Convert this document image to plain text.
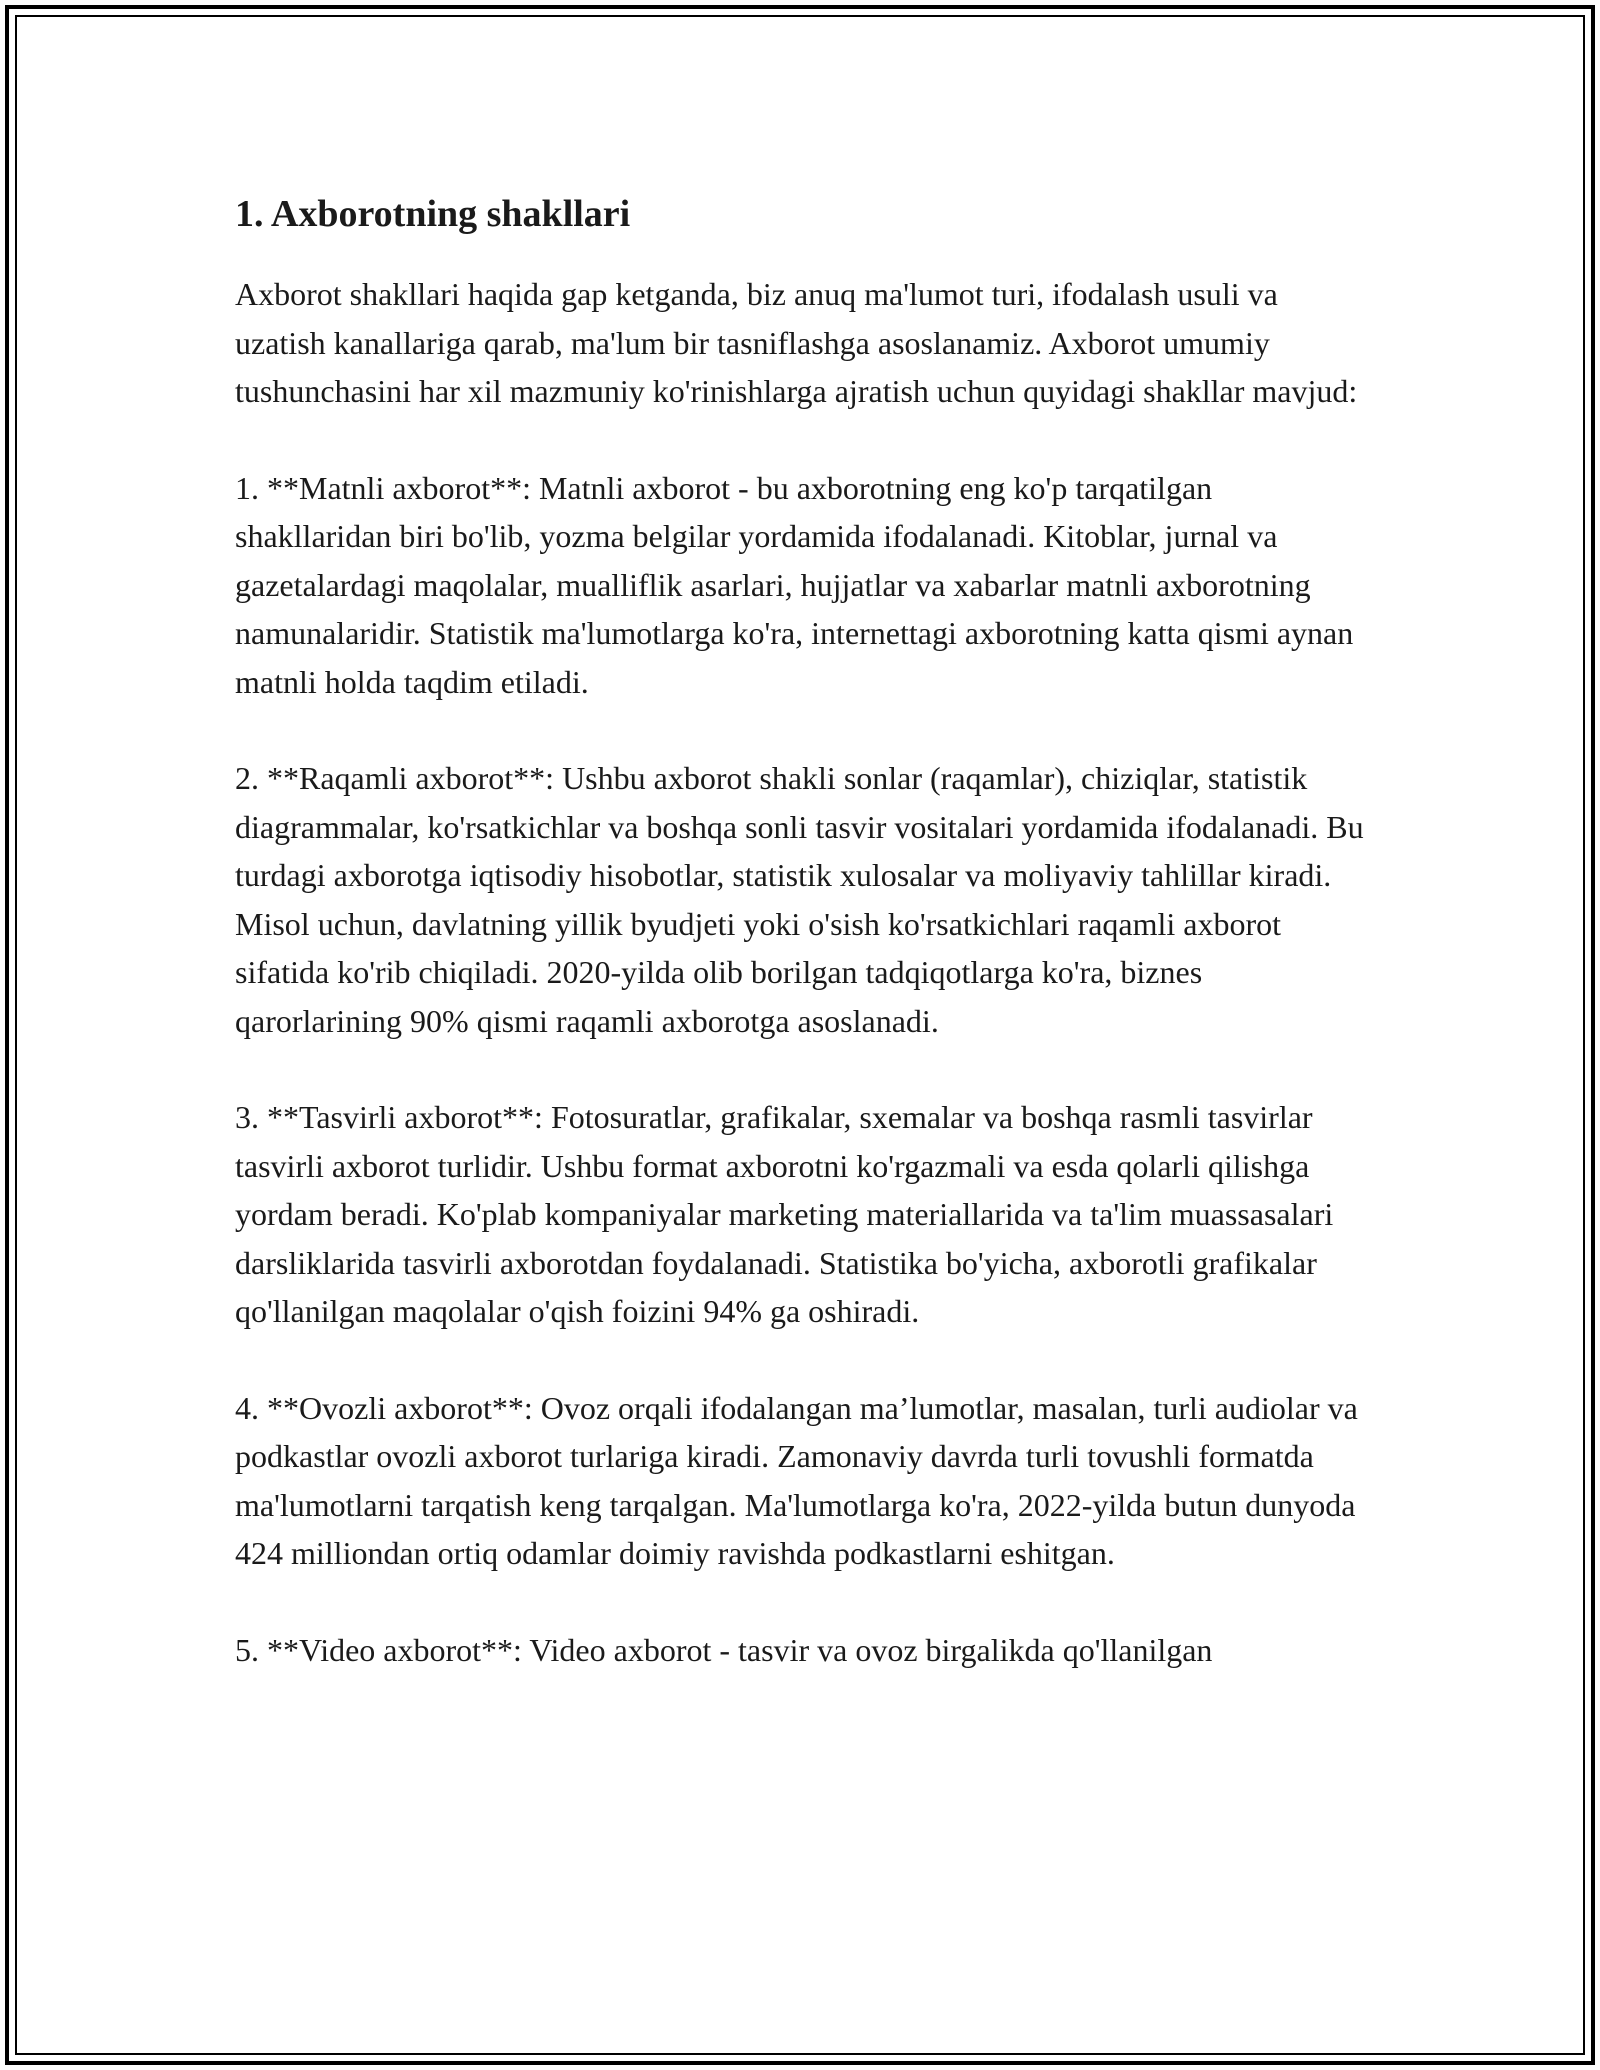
1. Axborotning shakllari

Axborot shakllari haqida gap ketganda, biz anuq ma'lumot turi, ifodalash usuli va uzatish kanallariga qarab, ma'lum bir tasniflashga asoslanamiz. Axborot umumiy tushunchasini har xil mazmuniy ko'rinishlarga ajratish uchun quyidagi shakllar mavjud:

1. **Matnli axborot**: Matnli axborot - bu axborotning eng ko'p tarqatilgan shakllaridan biri bo'lib, yozma belgilar yordamida ifodalanadi. Kitoblar, jurnal va gazetalardagi maqolalar, mualliflik asarlari, hujjatlar va xabarlar matnli axborotning namunalaridir. Statistik ma'lumotlarga ko'ra, internettagi axborotning katta qismi aynan matnli holda taqdim etiladi.

2. **Raqamli axborot**: Ushbu axborot shakli sonlar (raqamlar), chiziqlar, statistik diagrammalar, ko'rsatkichlar va boshqa sonli tasvir vositalari yordamida ifodalanadi. Bu turdagi axborotga iqtisodiy hisobotlar, statistik xulosalar va moliyaviy tahlillar kiradi. Misol uchun, davlatning yillik byudjeti yoki o'sish ko'rsatkichlari raqamli axborot sifatida ko'rib chiqiladi. 2020-yilda olib borilgan tadqiqotlarga ko'ra, biznes qarorlarining 90% qismi raqamli axborotga asoslanadi.

3. **Tasvirli axborot**: Fotosuratlar, grafikalar, sxemalar va boshqa rasmli tasvirlar tasvirli axborot turlidir. Ushbu format axborotni ko'rgazmali va esda qolarli qilishga yordam beradi. Ko'plab kompaniyalar marketing materiallarida va ta'lim muassasalari darsliklarida tasvirli axborotdan foydalanadi. Statistika bo'yicha, axborotli grafikalar qo'llanilgan maqolalar o'qish foizini 94% ga oshiradi.

4. **Ovozli axborot**: Ovoz orqali ifodalangan ma’lumotlar, masalan, turli audiolar va podkastlar ovozli axborot turlariga kiradi. Zamonaviy davrda turli tovushli formatda ma'lumotlarni tarqatish keng tarqalgan. Ma'lumotlarga ko'ra, 2022-yilda butun dunyoda 424 milliondan ortiq odamlar doimiy ravishda podkastlarni eshitgan.

5. **Video axborot**: Video axborot - tasvir va ovoz birgalikda qo'llanilgan
